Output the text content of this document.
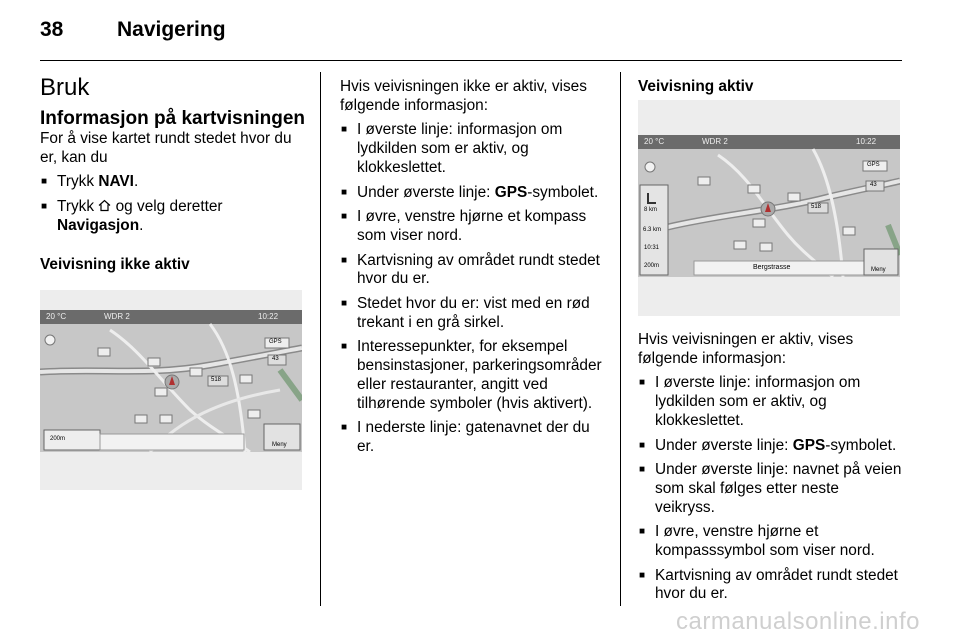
38	Navigering
Bruk
Informasjon på kartvisningen

For å vise kartet rundt stedet hvor du er, kan du

■ Trykk NAVI.
■ Trykk  og velg deretter Navigasjon.

Veivisning ikke aktiv

20 °C	WDR 2	10:22
GPS
43
518
200m
Meny

Hvis veivisningen ikke er aktiv, vises følgende informasjon:

■ I øverste linje: informasjon om lydkilden som er aktiv, og klokkeslettet.
■ Under øverste linje: GPS-symbolet.
■ I øvre, venstre hjørne et kompass som viser nord.
■ Kartvisning av området rundt stedet hvor du er.
■ Stedet hvor du er: vist med en rød trekant i en grå sirkel.
■ Interessepunkter, for eksempel bensinstasjoner, parkeringsområder eller restauranter, angitt ved tilhørende symboler (hvis aktivert).
■ I nederste linje: gatenavnet der du er.

Veivisning aktiv

20 °C	WDR 2	10:22
GPS
43
518
8 km
6.3 km
10:31
200m	Bergstrasse	Meny

Hvis veivisningen er aktiv, vises følgende informasjon:

■ I øverste linje: informasjon om lydkilden som er aktiv, og klokkeslettet.
■ Under øverste linje: GPS-symbolet.
■ Under øverste linje: navnet på veien som skal følges etter neste veikryss.
■ I øvre, venstre hjørne et kompasssymbol som viser nord.
■ Kartvisning av området rundt stedet hvor du er.
carmanualsonline.info
